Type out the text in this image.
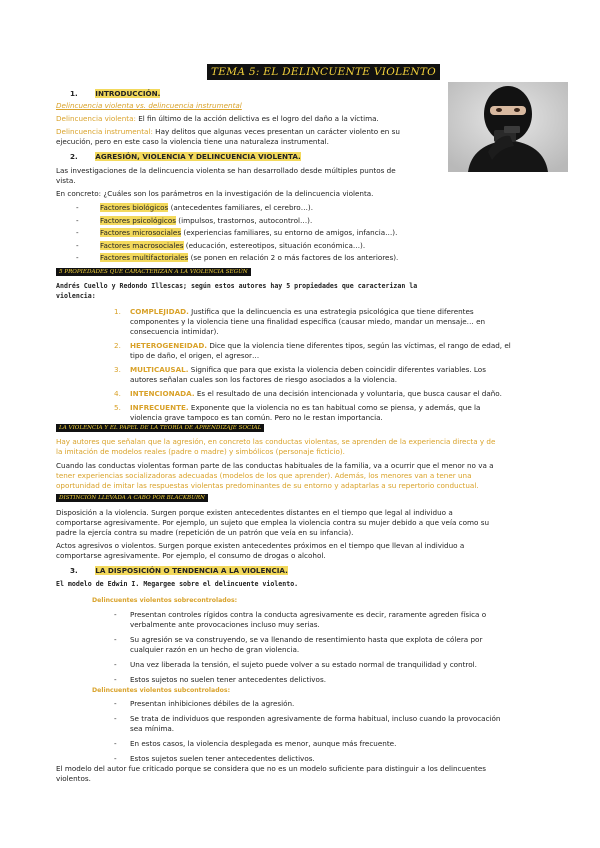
TEMA 5: EL DELINCUENTE VIOLENTO
1. INTRODUCCIÓN.
Delincuencia violenta vs. delincuencia instrumental
Delincuencia violenta: El fin último de la acción delictiva es el logro del daño a la víctima.
Delincuencia instrumental: Hay delitos que algunas veces presentan un carácter violento en su
ejecución, pero en este caso la violencia tiene una naturaleza instrumental.
2. AGRESIÓN, VIOLENCIA Y DELINCUENCIA VIOLENTA.
Las investigaciones de la delincuencia violenta se han desarrollado desde múltiples puntos de
vista.
En concreto: ¿Cuáles son los parámetros en la investigación de la delincuencia violenta.
-	Factores biológicos (antecedentes familiares, el cerebro…).
-	Factores psicológicos (impulsos, trastornos, autocontrol…).
-	Factores microsociales (experiencias familiares, su entorno de amigos, infancia…).
-	Factores macrosociales (educación, estereotipos, situación económica…).
-	Factores multifactoriales (se ponen en relación 2 o más factores de los anteriores).
5 PROPIEDADES QUE CARACTERIZAN A LA VIOLENCIA SEGÚN
Andrés Cuello y Redondo Illescas; según estos autores hay 5 propiedades que caracterizan la
violencia:
1. COMPLEJIDAD. Justifica que la delincuencia es una estrategia psicológica que tiene diferentes
componentes y la violencia tiene una finalidad específica (causar miedo, mandar un mensaje… en
consecuencia intimidar).
2. HETEROGENEIDAD. Dice que la violencia tiene diferentes tipos, según las víctimas, el rango de edad, el
tipo de daño, el origen, el agresor…
3. MULTICAUSAL. Significa que para que exista la violencia deben coincidir diferentes variables. Los
autores señalan cuales son los factores de riesgo asociados a la violencia.
4. INTENCIONADA. Es el resultado de una decisión intencionada y voluntaria, que busca causar el daño.
5. INFRECUENTE. Exponente que la violencia no es tan habitual como se piensa, y además, que la
violencia grave tampoco es tan común. Pero no le restan importancia.
LA VIOLENCIA Y EL PAPEL DE LA TEORÍA DE APRENDIZAJE SOCIAL
Hay autores que señalan que la agresión, en concreto las conductas violentas, se aprenden de la experiencia directa y de
la imitación de modelos reales (padre o madre) y simbólicos (personaje ficticio).
Cuando las conductas violentas forman parte de las conductas habituales de la familia, va a ocurrir que el menor no va a
tener experiencias socializadoras adecuadas (modelos de los que aprender). Además, los menores van a tener una
oportunidad de imitar las respuestas violentas predominantes de su entorno y adaptarlas a su repertorio conductual.
DISTINCIÓN LLEVADA A CABO POR BLACKBURN
Disposición a la violencia. Surgen porque existen antecedentes distantes en el tiempo que legal al individuo a
comportarse agresivamente. Por ejemplo, un sujeto que emplea la violencia contra su mujer debido a que veía como su
padre la ejercía contra su madre (repetición de un patrón que veía en su infancia).
Actos agresivos o violentos. Surgen porque existen antecedentes próximos en el tiempo que llevan al individuo a
comportarse agresivamente. Por ejemplo, el consumo de drogas o alcohol.
3. LA DISPOSICIÓN O TENDENCIA A LA VIOLENCIA.
El modelo de Edwin I. Megargee sobre el delincuente violento.
Delincuentes violentos sobrecontrolados:
- Presentan controles rígidos contra la conducta agresivamente es decir, raramente agreden física o
verbalmente ante provocaciones incluso muy serias.
- Su agresión se va construyendo, se va llenando de resentimiento hasta que explota de cólera por
cualquier razón en un hecho de gran violencia.
- Una vez liberada la tensión, el sujeto puede volver a su estado normal de tranquilidad y control.
- Estos sujetos no suelen tener antecedentes delictivos.
Delincuentes violentos subcontrolados:
- Presentan inhibiciones débiles de la agresión.
- Se trata de individuos que responden agresivamente de forma habitual, incluso cuando la provocación
sea mínima.
- En estos casos, la violencia desplegada es menor, aunque más frecuente.
- Estos sujetos suelen tener antecedentes delictivos.
El modelo del autor fue criticado porque se considera que no es un modelo suficiente para distinguir a los delincuentes
violentos.
